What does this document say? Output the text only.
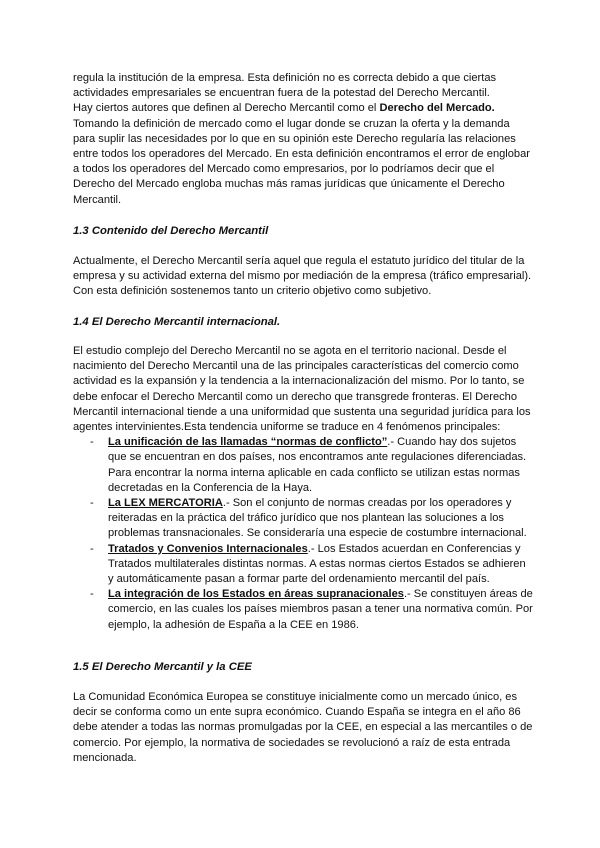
regula la institución de la empresa. Esta definición no es correcta debido a que ciertas actividades empresariales se encuentran fuera de la potestad del Derecho Mercantil.

Hay ciertos autores que definen al Derecho Mercantil como el Derecho del Mercado. Tomando la definición de mercado como el lugar donde se cruzan la oferta y la demanda para suplir las necesidades por lo que en su opinión este Derecho regularía las relaciones entre todos los operadores del Mercado. En esta definición encontramos el error de englobar a todos los operadores del Mercado como empresarios, por lo podríamos decir que el Derecho del Mercado engloba muchas más ramas jurídicas que únicamente el Derecho Mercantil.

1.3 Contenido del Derecho Mercantil
Actualmente, el Derecho Mercantil sería aquel que regula el estatuto jurídico del titular de la empresa y su actividad externa del mismo por mediación de la empresa (tráfico empresarial). Con esta definición sostenemos tanto un criterio objetivo como subjetivo.
1.4 El Derecho Mercantil internacional.

El estudio complejo del Derecho Mercantil no se agota en el territorio nacional. Desde el nacimiento del Derecho Mercantil una de las principales características del comercio como actividad es la expansión y la tendencia a la internacionalización del mismo. Por lo tanto, se debe enfocar el Derecho Mercantil como un derecho que transgrede fronteras. El Derecho Mercantil internacional tiende a una uniformidad que sustenta una seguridad jurídica para los agentes intervinientes.Esta tendencia uniforme se traduce en 4 fenómenos principales:

- La unificación de las llamadas “normas de conflicto”.- Cuando hay dos sujetos que se encuentran en dos países, nos encontramos ante regulaciones diferenciadas. Para encontrar la norma interna aplicable en cada conflicto se utilizan estas normas decretadas en la Conferencia de la Haya.
- La LEX MERCATORIA.- Son el conjunto de normas creadas por los operadores y reiteradas en la práctica del tráfico jurídico que nos plantean las soluciones a los problemas transnacionales. Se consideraría una especie de costumbre internacional.
- Tratados y Convenios Internacionales.- Los Estados acuerdan en Conferencias y Tratados multilaterales distintas normas. A estas normas ciertos Estados se adhieren y automáticamente pasan a formar parte del ordenamiento mercantil del país.
- La integración de los Estados en áreas supranacionales.- Se constituyen áreas de comercio, en las cuales los países miembros pasan a tener una normativa común. Por ejemplo, la adhesión de España a la CEE en 1986.
1.5 El Derecho Mercantil y la CEE
La Comunidad Económica Europea se constituye inicialmente como un mercado único, es decir se conforma como un ente supra económico. Cuando España se integra en el año 86 debe atender a todas las normas promulgadas por la CEE, en especial a las mercantiles o de comercio. Por ejemplo, la normativa de sociedades se revolucionó a raíz de esta entrada mencionada.
